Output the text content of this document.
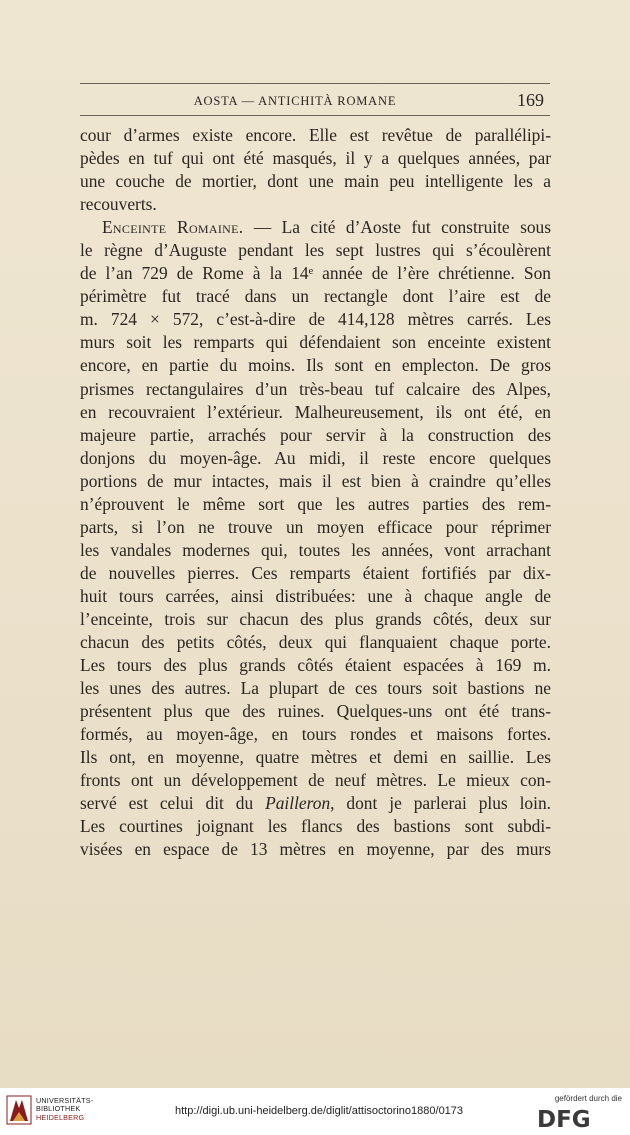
AOSTA — ANTICHITÀ ROMANE	169
cour d’armes existe encore. Elle est revêtue de parallélipi-
pèdes en tuf qui ont été masqués, il y a quelques années, par
une couche de mortier, dont une main peu intelligente les a
recouverts.
Enceinte Romaine. — La cité d’Aoste fut construite sous
le règne d’Auguste pendant les sept lustres qui s’écoulèrent
de l’an 729 de Rome à la 14ᵉ année de l’ère chrétienne. Son
périmètre fut tracé dans un rectangle dont l’aire est de
m. 724 × 572, c’est-à-dire de 414,128 mètres carrés. Les
murs soit les remparts qui défendaient son enceinte existent
encore, en partie du moins. Ils sont en emplecton. De gros
prismes rectangulaires d’un très-beau tuf calcaire des Alpes,
en recouvraient l’extérieur. Malheureusement, ils ont été, en
majeure partie, arrachés pour servir à la construction des
donjons du moyen-âge. Au midi, il reste encore quelques
portions de mur intactes, mais il est bien à craindre qu’elles
n’éprouvent le même sort que les autres parties des rem-
parts, si l’on ne trouve un moyen efficace pour réprimer
les vandales modernes qui, toutes les années, vont arrachant
de nouvelles pierres. Ces remparts étaient fortifiés par dix-
huit tours carrées, ainsi distribuées: une à chaque angle de
l’enceinte, trois sur chacun des plus grands côtés, deux sur
chacun des petits côtés, deux qui flanquaient chaque porte.
Les tours des plus grands côtés étaient espacées à 169 m.
les unes des autres. La plupart de ces tours soit bastions ne
présentent plus que des ruines. Quelques-uns ont été trans-
formés, au moyen-âge, en tours rondes et maisons fortes.
Ils ont, en moyenne, quatre mètres et demi en saillie. Les
fronts ont un développement de neuf mètres. Le mieux con-
servé est celui dit du Pailleron, dont je parlerai plus loin.
Les courtines joignant les flancs des bastions sont subdi-
visées en espace de 13 mètres en moyenne, par des murs
UNIVERSITÄTS-
BIBLIOTHEK
HEIDELBERG
http://digi.ub.uni-heidelberg.de/diglit/attisoctorino1880/0173
gefördert durch die
DFG
